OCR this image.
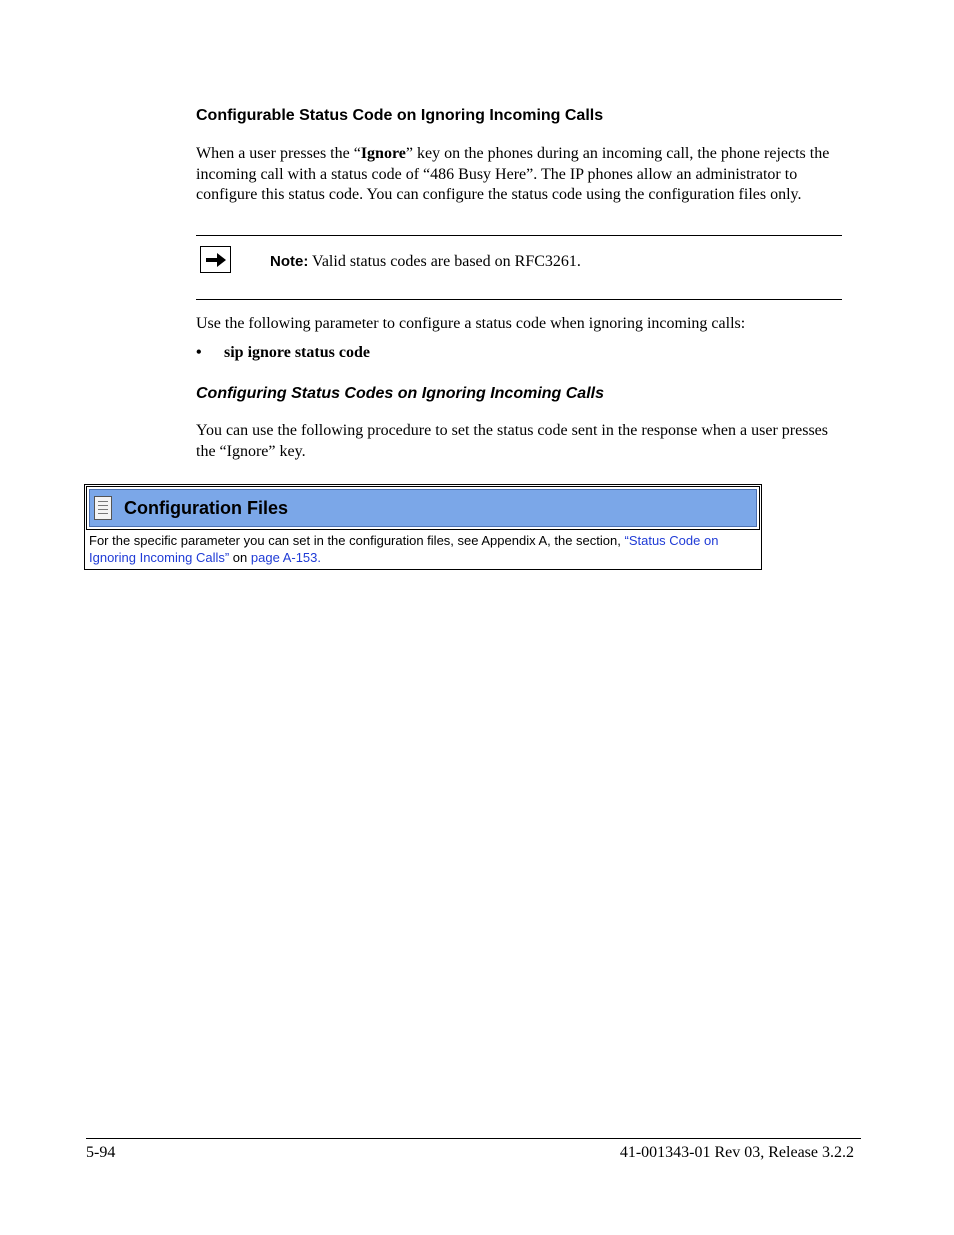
Configurable Status Code on Ignoring Incoming Calls
When a user presses the “Ignore” key on the phones during an incoming call, the phone rejects the incoming call with a status code of “486 Busy Here”. The IP phones allow an administrator to configure this status code. You can configure the status code using the configuration files only.
Note: Valid status codes are based on RFC3261.
Use the following parameter to configure a status code when ignoring incoming calls:
• sip ignore status code
Configuring Status Codes on Ignoring Incoming Calls
You can use the following procedure to set the status code sent in the response when a user presses the “Ignore” key.
Configuration Files
For the specific parameter you can set in the configuration files, see Appendix A, the section, “Status Code on Ignoring Incoming Calls” on page A-153.
5-94	41-001343-01 Rev 03, Release 3.2.2
